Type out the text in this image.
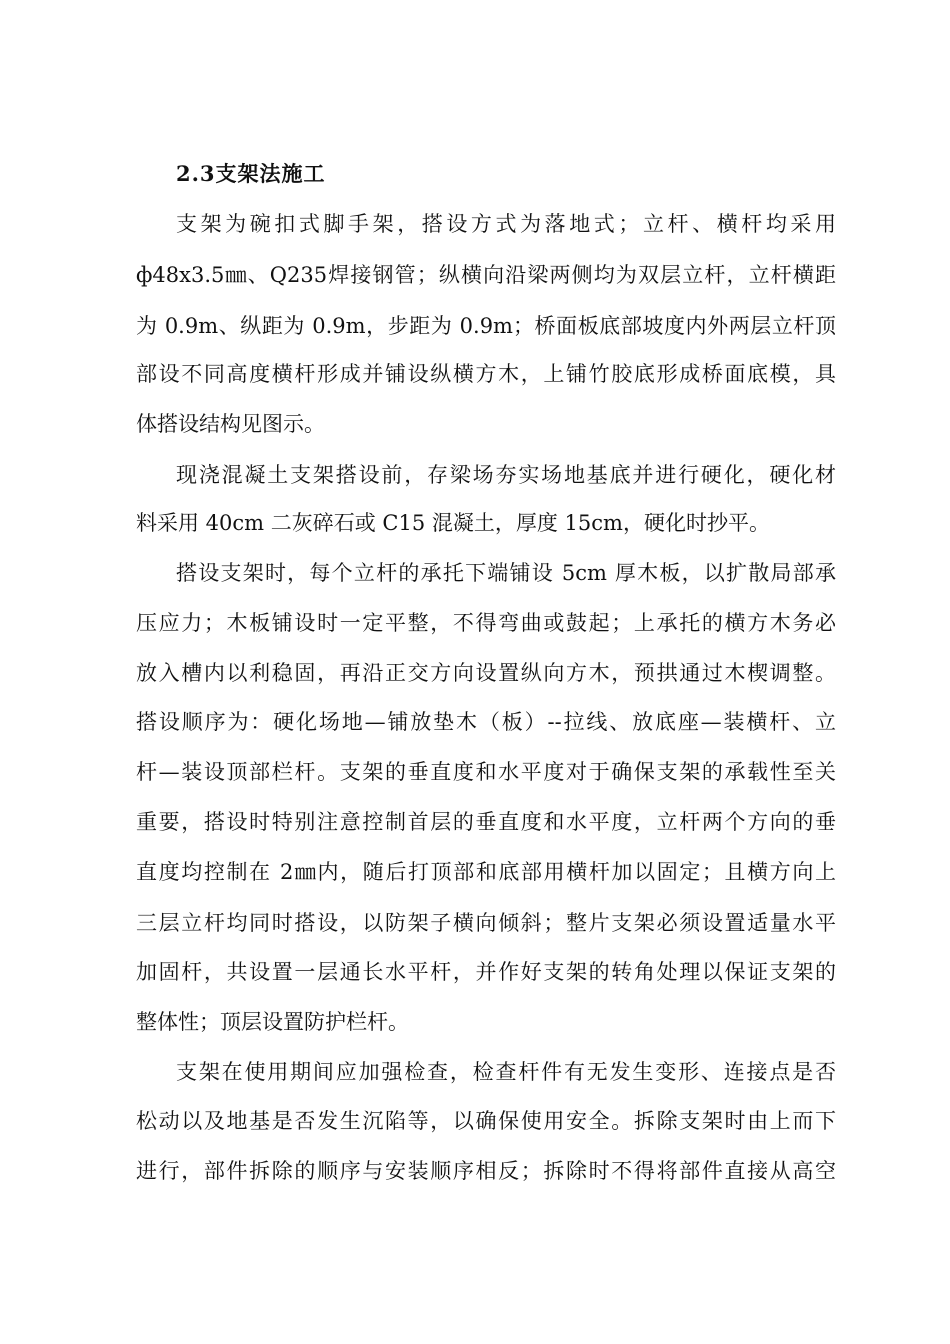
2.3支架法施工
支架为碗扣式脚手架，搭设方式为落地式；立杆、横杆均采用
ф48x3.5㎜、Q235焊接钢管；纵横向沿梁两侧均为双层立杆，立杆横距
为 0.9m、纵距为 0.9m，步距为 0.9m；桥面板底部坡度内外两层立杆顶
部设不同高度横杆形成并铺设纵横方木，上铺竹胶底形成桥面底模，具
体搭设结构见图示。
现浇混凝土支架搭设前，存梁场夯实场地基底并进行硬化，硬化材
料采用 40cm 二灰碎石或 C15 混凝土，厚度 15cm，硬化时抄平。
搭设支架时，每个立杆的承托下端铺设 5cm 厚木板，以扩散局部承
压应力；木板铺设时一定平整，不得弯曲或鼓起；上承托的横方木务必
放入槽内以利稳固，再沿正交方向设置纵向方木，预拱通过木楔调整。
搭设顺序为：硬化场地—铺放垫木（板）--拉线、放底座—装横杆、立
杆—装设顶部栏杆。支架的垂直度和水平度对于确保支架的承载性至关
重要，搭设时特别注意控制首层的垂直度和水平度，立杆两个方向的垂
直度均控制在 2㎜内，随后打顶部和底部用横杆加以固定；且横方向上
三层立杆均同时搭设，以防架子横向倾斜；整片支架必须设置适量水平
加固杆，共设置一层通长水平杆，并作好支架的转角处理以保证支架的
整体性；顶层设置防护栏杆。
支架在使用期间应加强检查，检查杆件有无发生变形、连接点是否
松动以及地基是否发生沉陷等，以确保使用安全。拆除支架时由上而下
进行，部件拆除的顺序与安装顺序相反；拆除时不得将部件直接从高空
